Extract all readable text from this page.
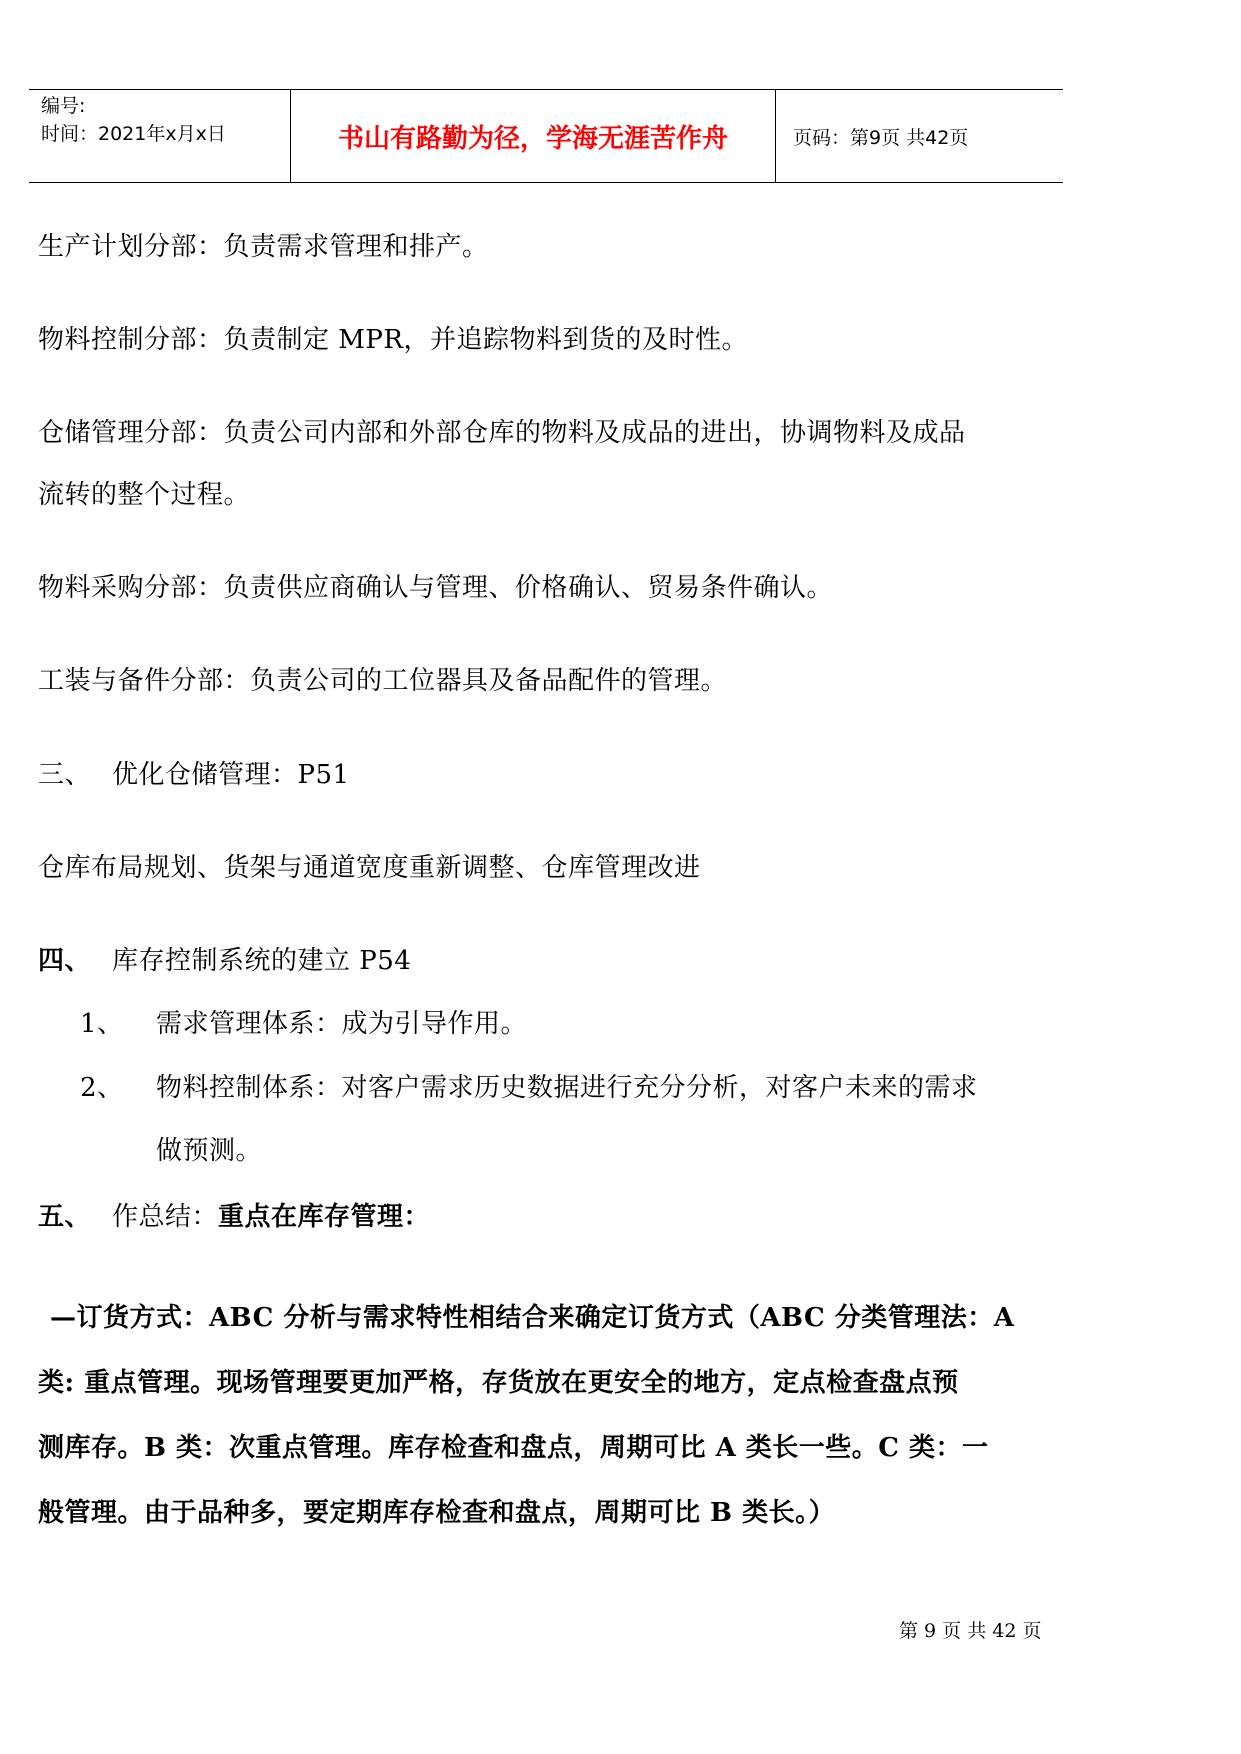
编号:
时间：2021年x月x日	书山有路勤为径，学海无涯苦作舟	页码：第9页 共42页
生产计划分部：负责需求管理和排产。
物料控制分部：负责制定 MPR，并追踪物料到货的及时性。
仓储管理分部：负责公司内部和外部仓库的物料及成品的进出，协调物料及成品
流转的整个过程。
物料采购分部：负责供应商确认与管理、价格确认、贸易条件确认。
工装与备件分部：负责公司的工位器具及备品配件的管理。
三、 优化仓储管理：P51
仓库布局规划、货架与通道宽度重新调整、仓库管理改进
四、 库存控制系统的建立 P54
1、 需求管理体系：成为引导作用。
2、 物料控制体系：对客户需求历史数据进行充分分析，对客户未来的需求
做预测。
五、 作总结：重点在库存管理：
—订货方式：ABC 分析与需求特性相结合来确定订货方式（ABC 分类管理法：A
类: 重点管理。现场管理要更加严格，存货放在更安全的地方，定点检查盘点预
测库存。B 类：次重点管理。库存检查和盘点，周期可比 A 类长一些。C 类：一
般管理。由于品种多，要定期库存检查和盘点，周期可比 B 类长。）
第 9 页 共 42 页
